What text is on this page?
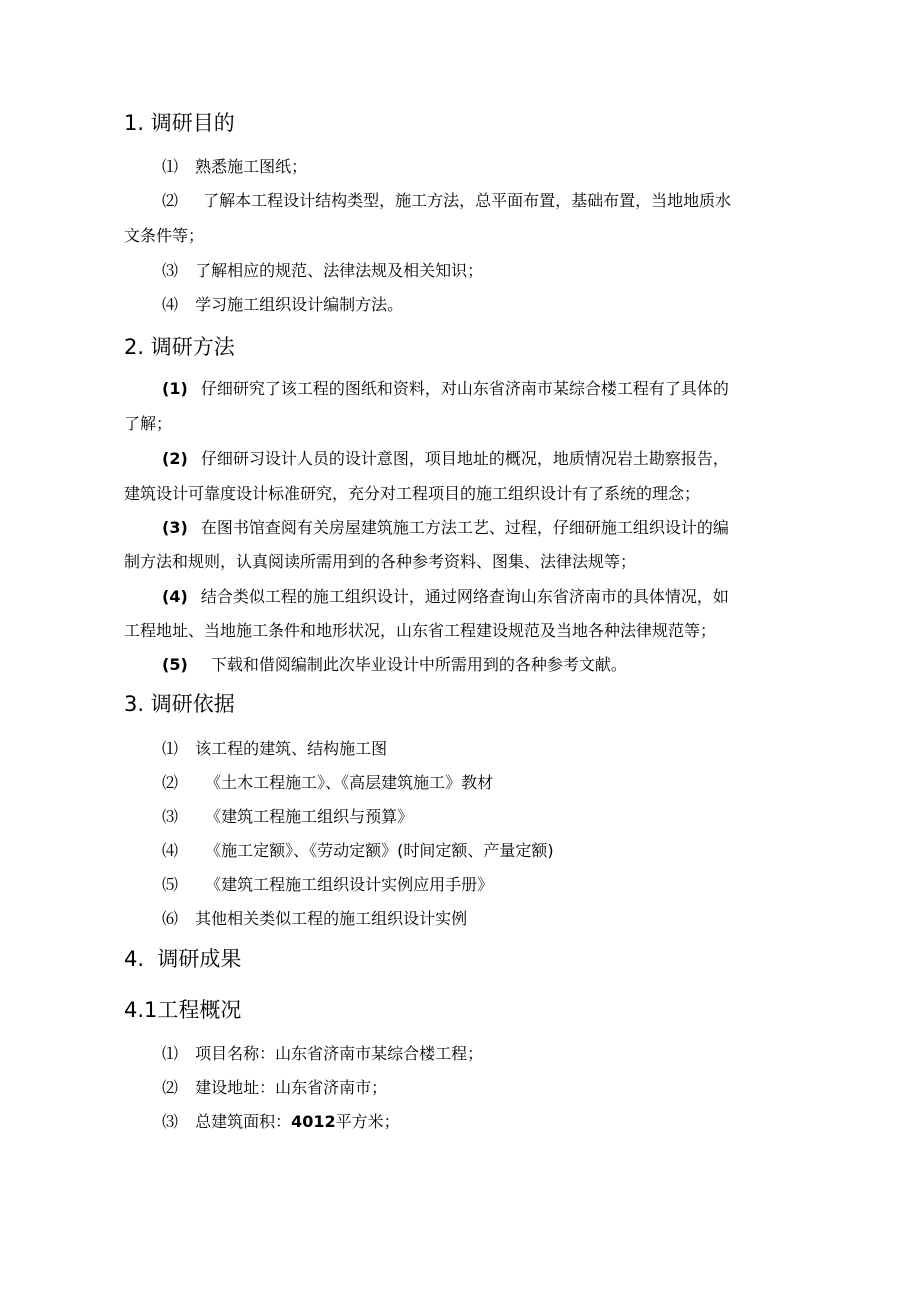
1. 调研目的
⑴ 熟悉施工图纸；
⑵ 了解本工程设计结构类型，施工方法，总平面布置，基础布置，当地地质水
文条件等；
⑶ 了解相应的规范、法律法规及相关知识；
⑷ 学习施工组织设计编制方法。
2. 调研方法
(1) 仔细研究了该工程的图纸和资料，对山东省济南市某综合楼工程有了具体的
了解；
(2) 仔细研习设计人员的设计意图，项目地址的概况，地质情况岩土勘察报告，
建筑设计可靠度设计标准研究，充分对工程项目的施工组织设计有了系统的理念；
(3) 在图书馆查阅有关房屋建筑施工方法工艺、过程，仔细研施工组织设计的编
制方法和规则，认真阅读所需用到的各种参考资料、图集、法律法规等；
(4) 结合类似工程的施工组织设计，通过网络查询山东省济南市的具体情况，如
工程地址、当地施工条件和地形状况，山东省工程建设规范及当地各种法律规范等；
(5) 下载和借阅编制此次毕业设计中所需用到的各种参考文献。
3. 调研依据
⑴ 该工程的建筑、结构施工图
⑵ 《土木工程施工》、《高层建筑施工》教材
⑶ 《建筑工程施工组织与预算》
⑷ 《施工定额》、《劳动定额》(时间定额、产量定额)
⑸ 《建筑工程施工组织设计实例应用手册》
⑹ 其他相关类似工程的施工组织设计实例
4.  调研成果
4.1工程概况
⑴ 项目名称：山东省济南市某综合楼工程；
⑵ 建设地址：山东省济南市；
⑶ 总建筑面积：4012平方米；
